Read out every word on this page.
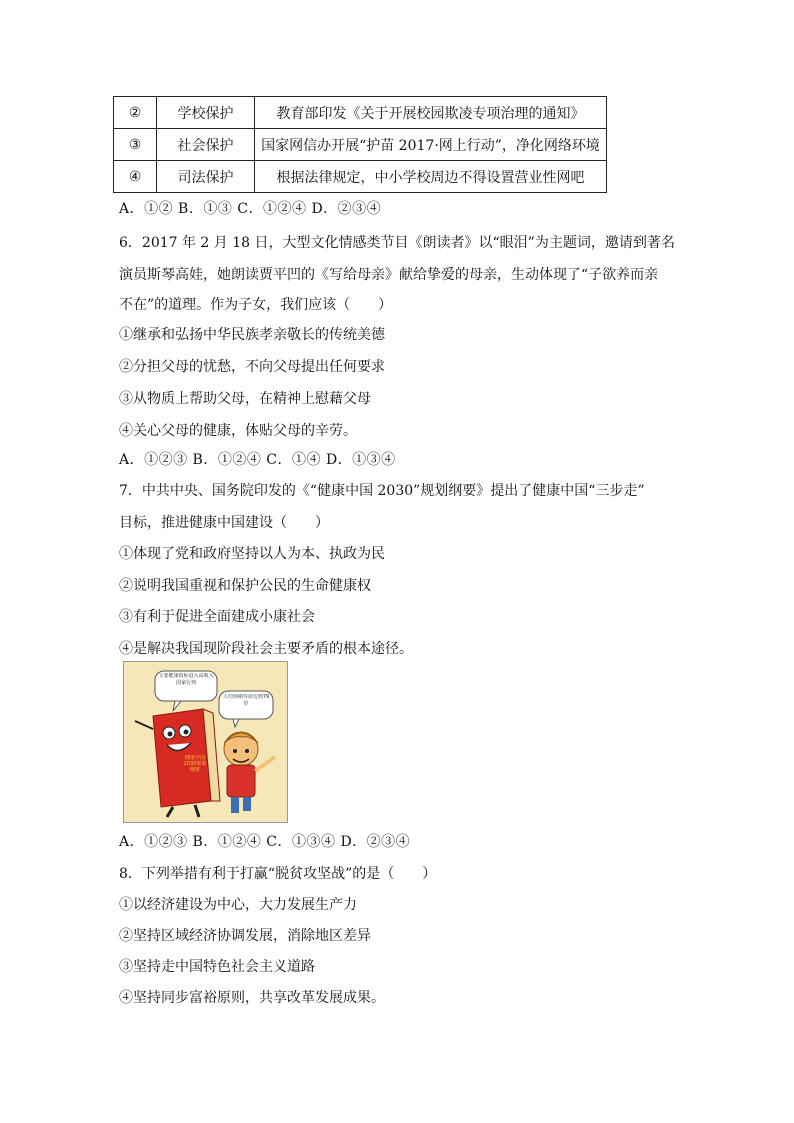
②	学校保护	教育部印发《关于开展校园欺凌专项治理的通知》
③	社会保护	国家网信办开展“护苗 2017·网上行动”，净化网络环境
④	司法保护	根据法律规定，中小学校周边不得设置营业性网吧
A．①② B．①③ C．①②④ D．②③④
6．2017 年 2 月 18 日，大型文化情感类节目《朗读者》以“眼泪”为主题词，邀请到著名
演员斯琴高娃，她朗读贾平凹的《写给母亲》献给挚爱的母亲，生动体现了“子欲养而亲
不在”的道理。作为子女，我们应该（　　）
①继承和弘扬中华民族孝亲敬长的传统美德
②分担父母的忧愁，不向父母提出任何要求
③从物质上帮助父母，在精神上慰藉父母
④关心父母的健康，体贴父母的辛劳。
A．①②③ B．①②④ C．①④ D．①③④
7．中共中央、国务院印发的《“健康中国 2030”规划纲要》提出了健康中国“三步走”
目标，推进健康中国建设（　　）
①体现了党和政府坚持以人为本、执政为民
②说明我国重视和保护公民的生命健康权
③有利于促进全面建成小康社会
④是解决我国现阶段社会主要矛盾的根本途径。
主要健康指标进入高收入国家行列
人均预期寿命达到79岁
健康中国2030规划纲要
A．①②③ B．①②④ C．①③④ D．②③④
8．下列举措有利于打赢“脱贫攻坚战”的是（　　）
①以经济建设为中心，大力发展生产力
②坚持区域经济协调发展，消除地区差异
③坚持走中国特色社会主义道路
④坚持同步富裕原则，共享改革发展成果。
